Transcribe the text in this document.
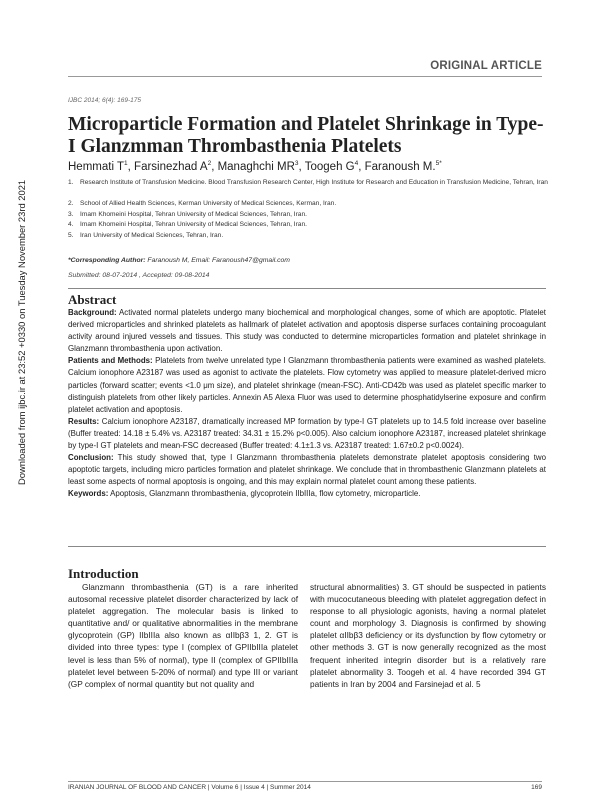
Downloaded from ijbc.ir at 23:52 +0330 on Tuesday November 23rd 2021
ORIGINAL ARTICLE
IJBC 2014; 6(4): 169-175
Microparticle Formation and Platelet Shrinkage in Type-I Glanzmman Thrombasthenia Platelets
Hemmati $T^1$, Farsinezhad $A^2$, Managhchi $MR^3$, Toogeh $G^4$, Faranoush M.$^{5*}$
1. Research Institute of Transfusion Medicine. Blood Transfusion Research Center, High Institute for Research and Education in Transfusion Medicine, Tehran, Iran
2. School of Allied Health Sciences, Kerman University of Medical Sciences, Kerman, Iran.
3. Imam Khomeini Hospital, Tehran University of Medical Sciences, Tehran, Iran.
4. Imam Khomeini Hospital, Tehran University of Medical Sciences, Tehran, Iran.
5. Iran University of Medical Sciences, Tehran, Iran.
*Corresponding Author: Faranoush M, Email: Faranoush47@gmail.com
Submitted: 08-07-2014 , Accepted: 09-08-2014
Abstract

Background: Activated normal platelets undergo many biochemical and morphological changes, some of which are apoptotic. Platelet derived microparticles and shrinked platelets as hallmark of platelet activation and apoptosis disperse surfaces containing procoagulant activity around injured vessels and tissues. This study was conducted to determine microparticles formation and platelet shrinkage in Glanzmann thrombasthenia upon activation.

Patients and Methods: Platelets from twelve unrelated type I Glanzmann thrombasthenia patients were examined as washed platelets. Calcium ionophore A23187 was used as agonist to activate the platelets. Flow cytometry was applied to measure platelet-derived micro particles (forward scatter; events <1.0 μm size), and platelet shrinkage (mean-FSC). Anti-CD42b was used as platelet specific marker to distinguish platelets from other likely particles. Annexin A5 Alexa Fluor was used to determine phosphatidylserine exposure and confirm platelet activation and apoptosis.

Results: Calcium ionophore A23187, dramatically increased MP formation by type-I GT platelets up to 14.5 fold increase over baseline (Buffer treated: 14.18 ± 5.4% vs. A23187 treated: 34.31 ± 15.2% p<0.005). Also calcium ionophore A23187, increased platelet shrinkage by type-I GT platelets and mean-FSC decreased (Buffer treated: 4.1±1.3 vs. A23187 treated: 1.67±0.2 p<0.0024).

Conclusion: This study showed that, type I Glanzmann thrombasthenia platelets demonstrate platelet apoptosis considering two apoptotic targets, including micro particles formation and platelet shrinkage. We conclude that in thrombasthenic Glanzmann platelets at least some aspects of normal apoptosis is ongoing, and this may explain normal platelet count among these patients.

Keywords: Apoptosis, Glanzmann thrombasthenia, glycoprotein IIbIIIa, flow cytometry, microparticle.

Introduction

Glanzmann thrombasthenia (GT) is a rare inherited autosomal recessive platelet disorder characterized by lack of platelet aggregation. The molecular basis is linked to quantitative and/ or qualitative abnormalities in the membrane glycoprotein (GP) IIbIIIa also known as αIIbβ3 1, 2. GT is divided into three types: type I (complex of GPIIbIIIa platelet level is less than 5% of normal), type II (complex of GPIIbIIIa platelet level between 5-20% of normal) and type III or variant (GP complex of normal quantity but not quality and

structural abnormalities) 3. GT should be suspected in patients with mucocutaneous bleeding with platelet aggregation defect in response to all physiologic agonists, having a normal platelet count and morphology 3. Diagnosis is confirmed by showing platelet αIIbβ3 deficiency or its dysfunction by flow cytometry or other methods 3. GT is now generally recognized as the most frequent inherited integrin disorder but is a relatively rare platelet abnormality 3. Toogeh et al. 4 have recorded 394 GT patients in Iran by 2004 and Farsinejad et al. 5

IRANIAN JOURNAL OF BLOOD AND CANCER | Volume 6 | Issue 4 | Summer 2014	169
